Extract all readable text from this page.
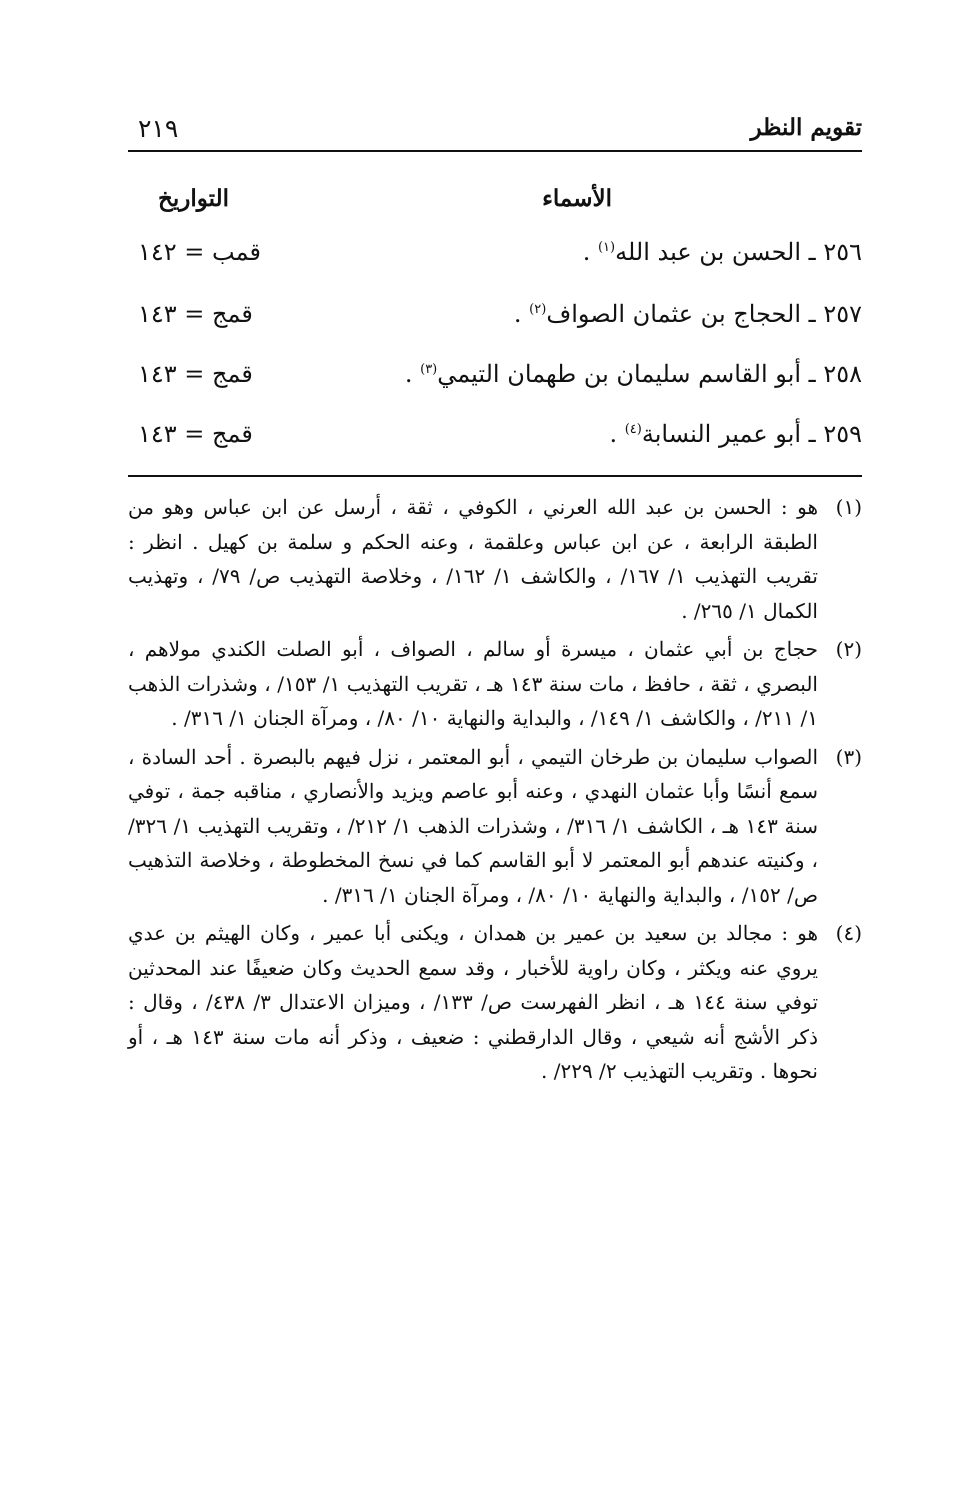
تقويم النظر
٢١٩
الأسماء
التواريخ
٢٥٦ ـ الحسن بن عبد الله$^{(١)}$ .
قمب = ١٤٢
٢٥٧ ـ الحجاج بن عثمان الصواف$^{(٢)}$ .
قمج = ١٤٣
٢٥٨ ـ أبو القاسم سليمان بن طهمان التيمي$^{(٣)}$ .
قمج = ١٤٣
٢٥٩ ـ أبو عمير النسابة$^{(٤)}$ .
قمج = ١٤٣
(١)
هو : الحسن بن عبد الله العرني ، الكوفي ، ثقة ، أرسل عن ابن عباس وهو من الطبقة الرابعة ، عن ابن عباس وعلقمة ، وعنه الحكم و سلمة بن كهيل . انظر : تقريب التهذيب ١/ ١٦٧/ ، والكاشف ١/ ١٦٢/ ، وخلاصة التهذيب ص/ ٧٩/ ، وتهذيب الكمال ١/ ٢٦٥/ .
(٢)
حجاج بن أبي عثمان ، ميسرة أو سالم ، الصواف ، أبو الصلت الكندي مولاهم ، البصري ، ثقة ، حافظ ، مات سنة ١٤٣ هـ ، تقريب التهذيب ١/ ١٥٣/ ، وشذرات الذهب ١/ ٢١١/ ، والكاشف ١/ ١٤٩/ ، والبداية والنهاية ١٠/ ٨٠/ ، ومرآة الجنان ١/ ٣١٦/ .
(٣)
الصواب سليمان بن طرخان التيمي ، أبو المعتمر ، نزل فيهم بالبصرة . أحد السادة ، سمع أنسًا وأبا عثمان النهدي ، وعنه أبو عاصم ويزيد والأنصاري ، مناقبه جمة ، توفي سنة ١٤٣ هـ ، الكاشف ١/ ٣١٦/ ، وشذرات الذهب ١/ ٢١٢/ ، وتقريب التهذيب ١/ ٣٢٦/ ، وكنيته عندهم أبو المعتمر لا أبو القاسم كما في نسخ المخطوطة ، وخلاصة التذهيب ص/ ١٥٢/ ، والبداية والنهاية ١٠/ ٨٠/ ، ومرآة الجنان ١/ ٣١٦/ .
(٤)
هو : مجالد بن سعيد بن عمير بن همدان ، ويكنى أبا عمير ، وكان الهيثم بن عدي يروي عنه ويكثر ، وكان راوية للأخبار ، وقد سمع الحديث وكان ضعيفًا عند المحدثين توفي سنة ١٤٤ هـ ، انظر الفهرست ص/ ١٣٣/ ، وميزان الاعتدال ٣/ ٤٣٨/ ، وقال : ذكر الأشج أنه شيعي ، وقال الدارقطني : ضعيف ، وذكر أنه مات سنة ١٤٣ هـ ، أو نحوها . وتقريب التهذيب ٢/ ٢٢٩/ .
